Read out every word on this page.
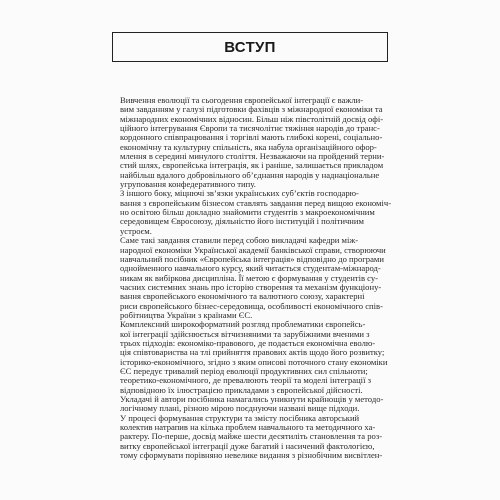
ВСТУП
Вивчення еволюції та сьогодення європейської інтеграції є важли-
вим завданням у галузі підготовки фахівців з міжнародної економіки та
міжнародних економічних відносин. Більш ніж півстолітній досвід офі-
ційного інтегрування Європи та тисячолітнє тяжіння народів до транс-
кордонного співпрацювання і торгівлі мають глибокі корені, соціально-
економічну та культурну спільність, яка набула організаційного офор-
млення в середині минулого століття. Незважаючи на пройдений терни-
стий шлях, європейська інтеграція, як і раніше, залишається прикладом
найбільш вдалого добровільного об’єднання народів у наднаціональне
угруповання конфедеративного типу.
З іншого боку, міцнючі зв’язки українських суб’єктів господарю-
вання з європейським бізнесом ставлять завдання перед вищою економіч-
но освітою більш докладно знайомити студентів з макроекономічним
середовищем Євросоюзу, діяльністю його інституцій і політичним
устроєм.
Саме такі завдання ставили перед собою викладачі кафедри між-
народної економіки Української академії банківської справи, створюючи
навчальний посібник «Європейська інтеграція» відповідно до програми
однойменного навчального курсу, який читається студентам-міжнарод-
никам як вибіркова дисципліна. Її метою є формування у студентів су-
часних системних знань про історію створення та механізм функціону-
вання європейського економічного та валютного союзу, характерні
риси європейського бізнес-середовища, особливості економічного спів-
робітництва України з країнами ЄС.
Комплексний широкоформатний розгляд проблематики європейсь-
кої інтеграції здійснюється вітчизняними та зарубіжними вченими з
трьох підходів: економіко-правового, де подається економічна еволю-
ція співтовариства на тлі прийняття правових актів щодо його розвитку;
історико-економічного, згідно з яким описові поточного стану економіки
ЄС передує тривалий період еволюції продуктивних сил спільноти;
теоретико-економічного, де превалюють теорії та моделі інтеграції з
відповідною їх ілюстрацією прикладами з європейської дійсності.
Укладачі й автори посібника намагались уникнути крайнощів у методо-
логічному плані, різною мірою поєднуючи названі вище підходи.
У процесі формування структури та змісту посібника авторський
колектив натрапив на кілька проблем навчального та методичного ха-
рактеру. По-перше, досвід майже шести десятиліть становлення та роз-
витку європейської інтеграції дуже багатий і насичений фактологією,
тому сформувати порівняно невелике видання з різнобічним висвітлен-
